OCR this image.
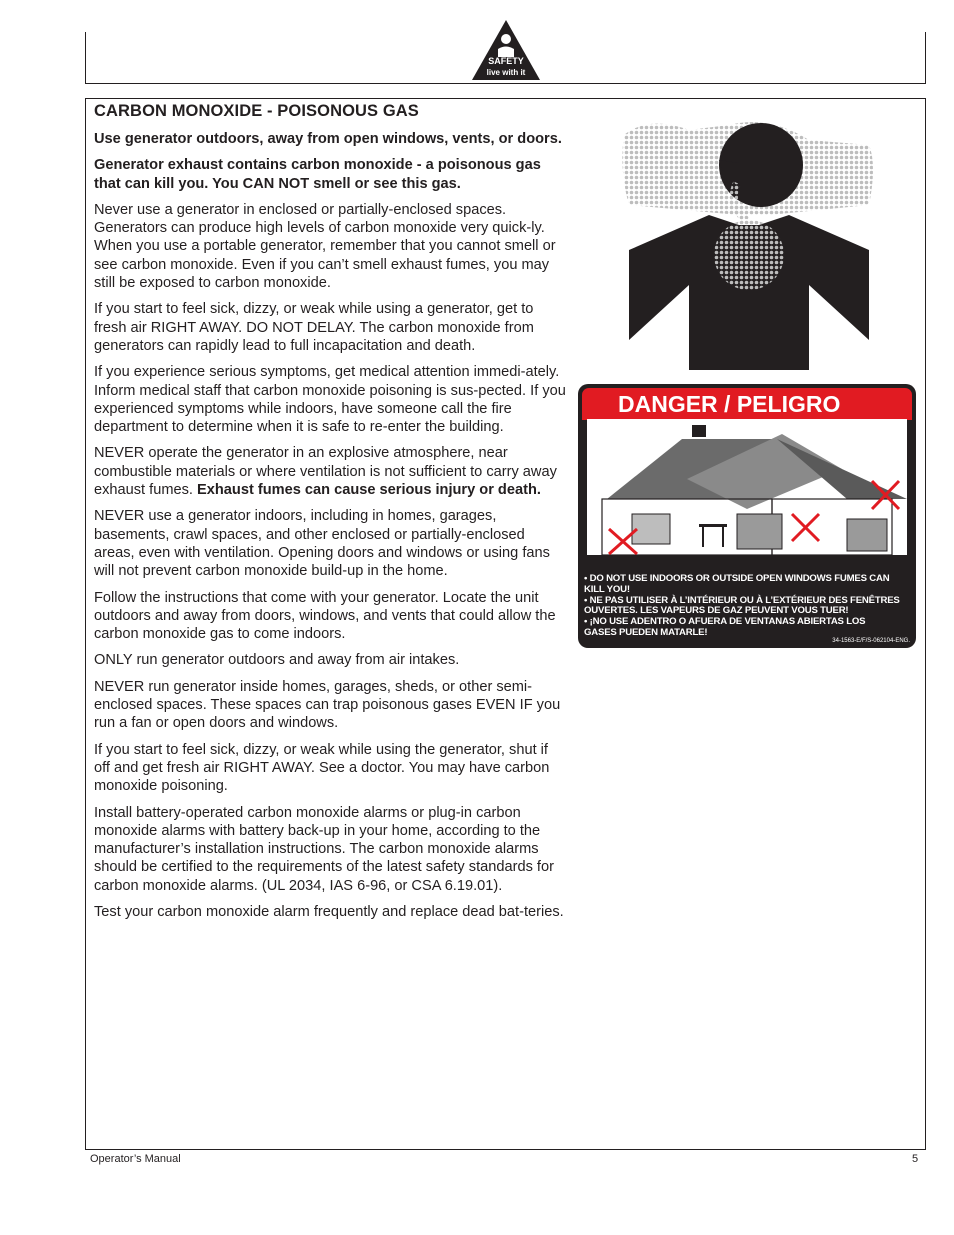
SAFETY
live with it
CARBON MONOXIDE - POISONOUS GAS

Use generator outdoors, away from open windows, vents, or doors.

Generator exhaust contains carbon monoxide - a poisonous gas that can kill you. You CAN NOT smell or see this gas.

Never use a generator in enclosed or partially-enclosed spaces. Generators can produce high levels of carbon monoxide very quick-ly. When you use a portable generator, remember that you cannot smell or see carbon monoxide. Even if you can’t smell exhaust fumes, you may still be exposed to carbon monoxide.

If you start to feel sick, dizzy, or weak while using a generator, get to fresh air RIGHT AWAY. DO NOT DELAY. The carbon monoxide from generators can rapidly lead to full incapacitation and death.

If you experience serious symptoms, get medical attention immedi-ately. Inform medical staff that carbon monoxide poisoning is sus-pected. If you experienced symptoms while indoors, have someone call the fire department to determine when it is safe to re-enter the building.

NEVER operate the generator in an explosive atmosphere, near combustible materials or where ventilation is not sufficient to carry away exhaust fumes. Exhaust fumes can cause serious injury or death.

NEVER use a generator indoors, including in homes, garages, basements, crawl spaces, and other enclosed or partially-enclosed areas, even with ventilation. Opening doors and windows or using fans will not prevent carbon monoxide build-up in the home.

Follow the instructions that come with your generator. Locate the unit outdoors and away from doors, windows, and vents that could allow the carbon monoxide gas to come indoors.

ONLY run generator outdoors and away from air intakes.

NEVER run generator inside homes, garages, sheds, or other semi-enclosed spaces. These spaces can trap poisonous gases EVEN IF you run a fan or open doors and windows.

If you start to feel sick, dizzy, or weak while using the generator, shut if off and get fresh air RIGHT AWAY. See a doctor. You may have carbon monoxide poisoning.

Install battery-operated carbon monoxide alarms or plug-in carbon monoxide alarms with battery back-up in your home, according to the manufacturer’s installation instructions. The carbon monoxide alarms should be certified to the requirements of the latest safety standards for carbon monoxide alarms. (UL 2034, IAS 6-96, or CSA 6.19.01).

Test your carbon monoxide alarm frequently and replace dead bat-teries.

DANGER / PELIGRO
• DO NOT USE INDOORS OR OUTSIDE OPEN WINDOWS FUMES CAN
KILL YOU!
• NE PAS UTILISER À L’INTÉRIEUR OU À L’EXTÉRIEUR DES FENÊTRES
OUVERTES. LES VAPEURS DE GAZ PEUVENT VOUS TUER!
• ¡NO USE ADENTRO O AFUERA DE VENTANAS ABIERTAS LOS
GASES PUEDEN MATARLE!
34-1563-E/F/S-062104-ENG.
Operator’s Manual	5
